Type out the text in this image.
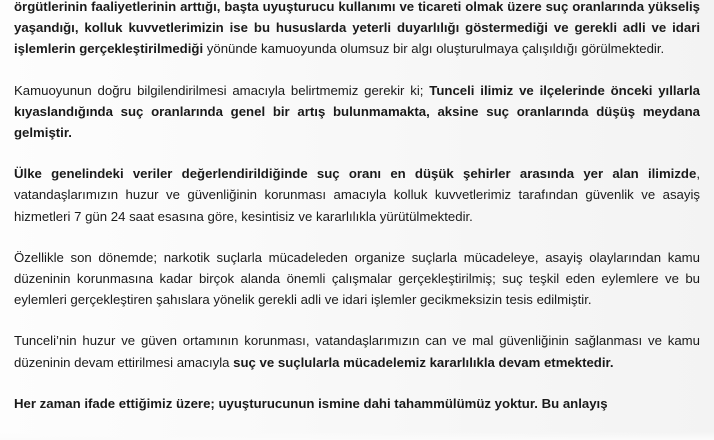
örgütlerinin faaliyetlerinin arttığı, başta uyuşturucu kullanımı ve ticareti olmak üzere suç oranlarında yükseliş yaşandığı, kolluk kuvvetlerimizin ise bu hususlarda yeterli duyarlılığı göstermediği ve gerekli adli ve idari işlemlerin gerçekleştirilmediği yönünde kamuoyunda olumsuz bir algı oluşturulmaya çalışıldığı görülmektedir.

Kamuoyunun doğru bilgilendirilmesi amacıyla belirtmemiz gerekir ki; Tunceli ilimiz ve ilçelerinde önceki yıllarla kıyaslandığında suç oranlarında genel bir artış bulunmamakta, aksine suç oranlarında düşüş meydana gelmiştir.

Ülke genelindeki veriler değerlendirildiğinde suç oranı en düşük şehirler arasında yer alan ilimizde, vatandaşlarımızın huzur ve güvenliğinin korunması amacıyla kolluk kuvvetlerimiz tarafından güvenlik ve asayiş hizmetleri 7 gün 24 saat esasına göre, kesintisiz ve kararlılıkla yürütülmektedir.

Özellikle son dönemde; narkotik suçlarla mücadeleden organize suçlarla mücadeleye, asayiş olaylarından kamu düzeninin korunmasına kadar birçok alanda önemli çalışmalar gerçekleştirilmiş; suç teşkil eden eylemlere ve bu eylemleri gerçekleştiren şahıslara yönelik gerekli adli ve idari işlemler gecikmeksizin tesis edilmiştir.

Tunceli’nin huzur ve güven ortamının korunması, vatandaşlarımızın can ve mal güvenliğinin sağlanması ve kamu düzeninin devam ettirilmesi amacıyla suç ve suçlularla mücadelemiz kararlılıkla devam etmektedir.

Her zaman ifade ettiğimiz üzere; uyuşturucunun ismine dahi tahammülümüz yoktur. Bu anlayış
